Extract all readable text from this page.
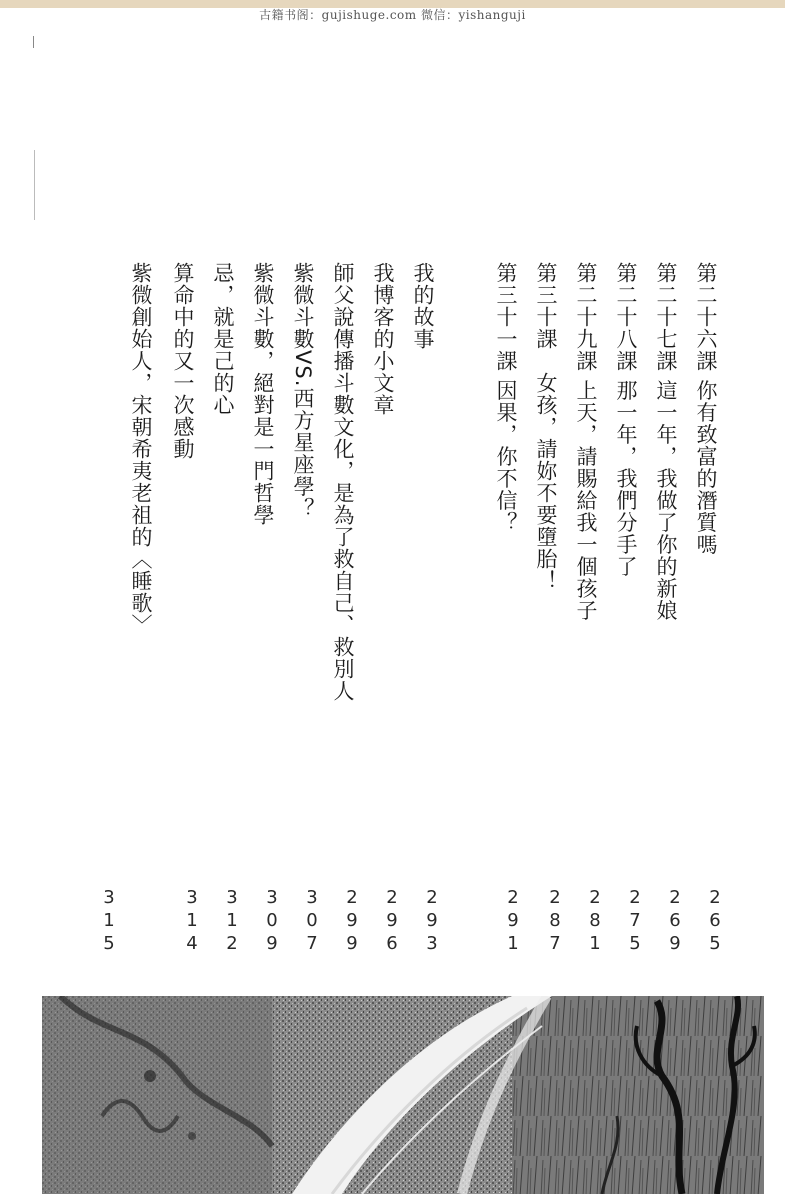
古籍书阁：gujishuge.com 微信：yishanguji
第二十六課 你有致富的潛質嗎
第二十七課 這一年，我做了你的新娘
第二十八課 那一年，我們分手了
第二十九課 上天，請賜給我一個孩子
第三十課　女孩，請妳不要墮胎！
第三十一課 因果，你不信？
我的故事
我博客的小文章
師父說傳播斗數文化，是為了救自己、救別人
紫微斗數VS.西方星座學？
紫微斗數，絕對是一門哲學
忌，就是己的心
算命中的又一次感動
紫微創始人，宋朝希夷老祖的〈睡歌〉
2
6
5
2
6
9
2
7
5
2
8
1
2
8
7
2
9
1
2
9
3
2
9
6
2
9
9
3
0
7
3
0
9
3
1
2
3
1
4
3
1
5
